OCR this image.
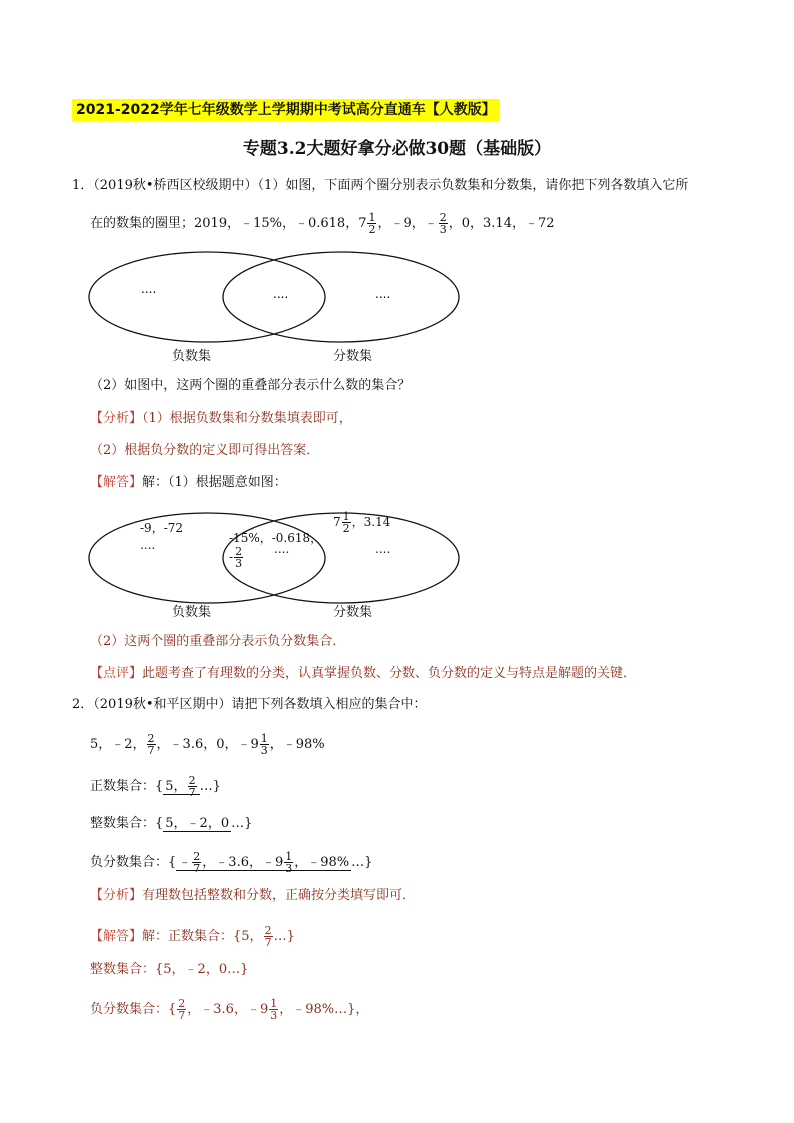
2021-2022学年七年级数学上学期期中考试高分直通车【人教版】
专题3.2大题好拿分必做30题（基础版）
1．（2019秋•桥西区校级期中）（1）如图，下面两个圈分别表示负数集和分数集，请你把下列各数填入它所
在的数集的圈里；2019，﹣15%，﹣0.618，$7 \frac{1}{2}$ ，﹣9，﹣ $\frac{2}{3}$ ，0，3.14，﹣72
....	....	....
负数集	分数集
（2）如图中，这两个圈的重叠部分表示什么数的集合？
【分析】（1）根据负数集和分数集填表即可，
（2）根据负分数的定义即可得出答案．
【解答】解：（1）根据题意如图：
-9，-72
....	-15%，-0.618，
- $\frac{2}{3}$	....
$7 \frac{1}{2}$ ，3.14
....
负数集	分数集
（2）这两个圈的重叠部分表示负分数集合．
【点评】此题考查了有理数的分类，认真掌握负数、分数、负分数的定义与特点是解题的关键．
2．（2019秋•和平区期中）请把下列各数填入相应的集合中：
5，﹣2， $\frac{2}{7}$ ，﹣3.6，0，﹣9 $\frac{1}{3}$ ，﹣98%
正数集合：{ 5， $\frac{2}{7}$ …}
整数集合：{ 5，﹣2，0 …}
负分数集合：{ ﹣ $\frac{2}{7}$ ，﹣3.6，﹣9 $\frac{1}{3}$ ，﹣98% …}
【分析】有理数包括整数和分数，正确按分类填写即可．
【解答】解：正数集合：{5， $\frac{2}{7}$ …}
整数集合：{5，﹣2，0…}
负分数集合：{ $\frac{2}{7}$ ，﹣3.6，﹣9 $\frac{1}{3}$ ，﹣98%…}，
